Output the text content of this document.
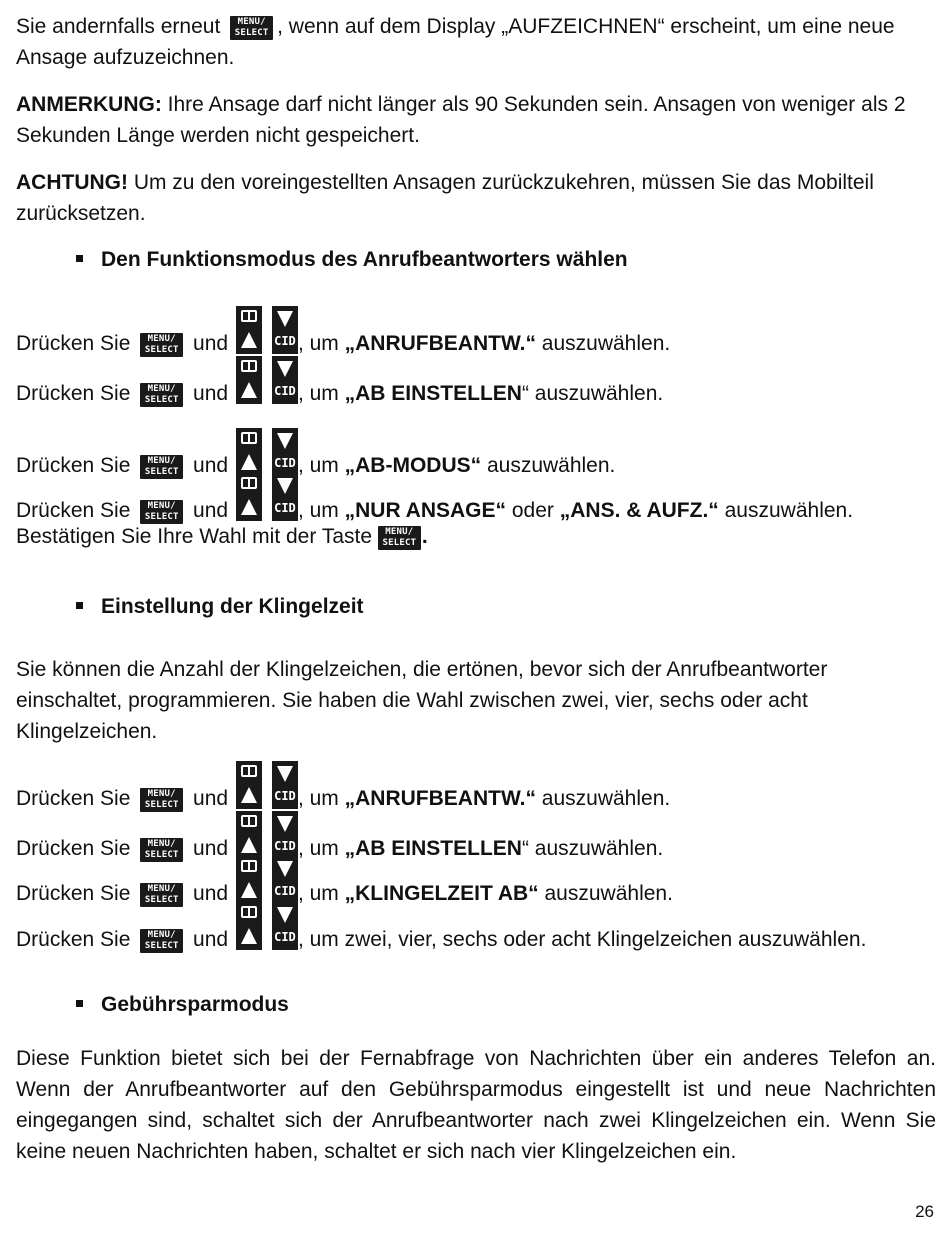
Sie andernfalls erneut	MENU/
SELECT , wenn auf dem Display „AUFZEICHNEN“ erscheint, um eine neue Ansage aufzuzeichnen.

ANMERKUNG: Ihre Ansage darf nicht länger als 90 Sekunden sein. Ansagen von weniger als 2 Sekunden Länge werden nicht gespeichert.

ACHTUNG! Um zu den voreingestellten Ansagen zurückzukehren, müssen Sie das Mobilteil zurücksetzen.

Den Funktionsmodus des Anrufbeantworters wählen
Drücken Sie	MENU/
SELECT und	CID , um „ANRUFBEANTW.“ auszuwählen.
Drücken Sie	MENU/
SELECT und	CID , um „AB EINSTELLEN“ auszuwählen.
Drücken Sie	MENU/
SELECT und	CID , um „AB-MODUS“ auszuwählen.
Drücken Sie	MENU/
SELECT und	CID , um „NUR ANSAGE“ oder „ANS. & AUFZ.“ auszuwählen.
Bestätigen Sie Ihre Wahl mit der Taste MENU/
SELECT .
Einstellung der Klingelzeit

Sie können die Anzahl der Klingelzeichen, die ertönen, bevor sich der Anrufbeantworter einschaltet, programmieren. Sie haben die Wahl zwischen zwei, vier, sechs oder acht Klingelzeichen.

Drücken Sie	MENU/
SELECT und	CID , um „ANRUFBEANTW.“ auszuwählen.
Drücken Sie	MENU/
SELECT und	CID , um „AB EINSTELLEN“ auszuwählen.
Drücken Sie	MENU/
SELECT und	CID , um „KLINGELZEIT AB“ auszuwählen.
Drücken Sie	MENU/
SELECT und	CID , um zwei, vier, sechs oder acht Klingelzeichen auszuwählen.
Gebührsparmodus

Diese Funktion bietet sich bei der Fernabfrage von Nachrichten über ein anderes Telefon an. Wenn der Anrufbeantworter auf den Gebührsparmodus eingestellt ist und neue Nachrichten eingegangen sind, schaltet sich der Anrufbeantworter nach zwei Klingelzeichen ein. Wenn Sie keine neuen Nachrichten haben, schaltet er sich nach vier Klingelzeichen ein.

26
